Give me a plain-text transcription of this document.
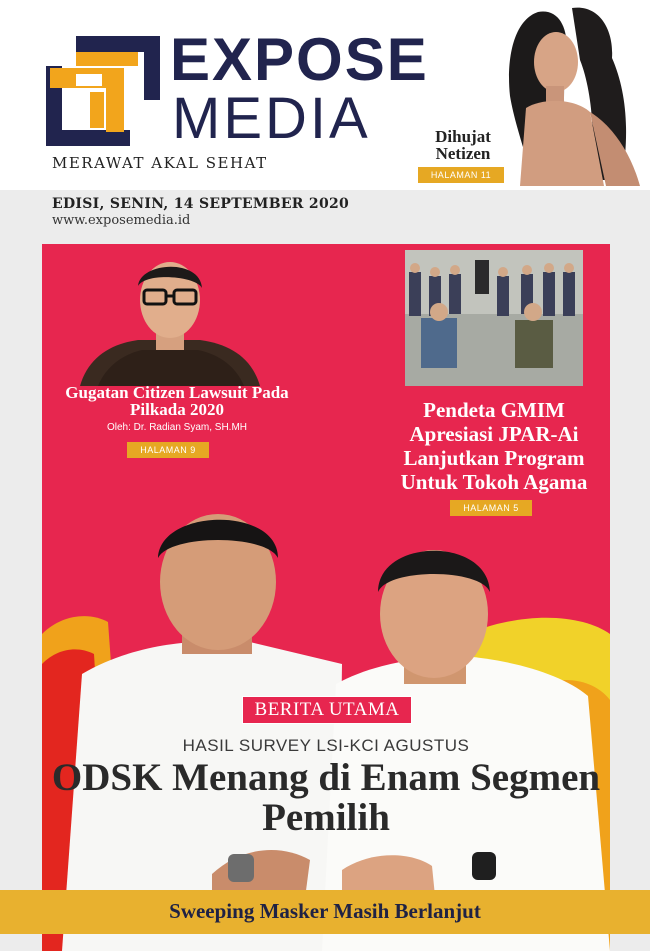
EXPOSE
MEDIA
MERAWAT AKAL SEHAT
Dihujat Netizen
HALAMAN 11
EDISI, SENIN, 14 SEPTEMBER 2020
www.exposemedia.id
Gugatan Citizen Lawsuit Pada Pilkada 2020
Oleh: Dr. Radian Syam, SH.MH
HALAMAN 9
Pendeta GMIM Apresiasi JPAR-Ai Lanjutkan Program Untuk Tokoh Agama
HALAMAN 5
BERITA UTAMA
HASIL SURVEY LSI-KCI AGUSTUS
ODSK Menang di Enam Segmen Pemilih
Sweeping Masker Masih Berlanjut
